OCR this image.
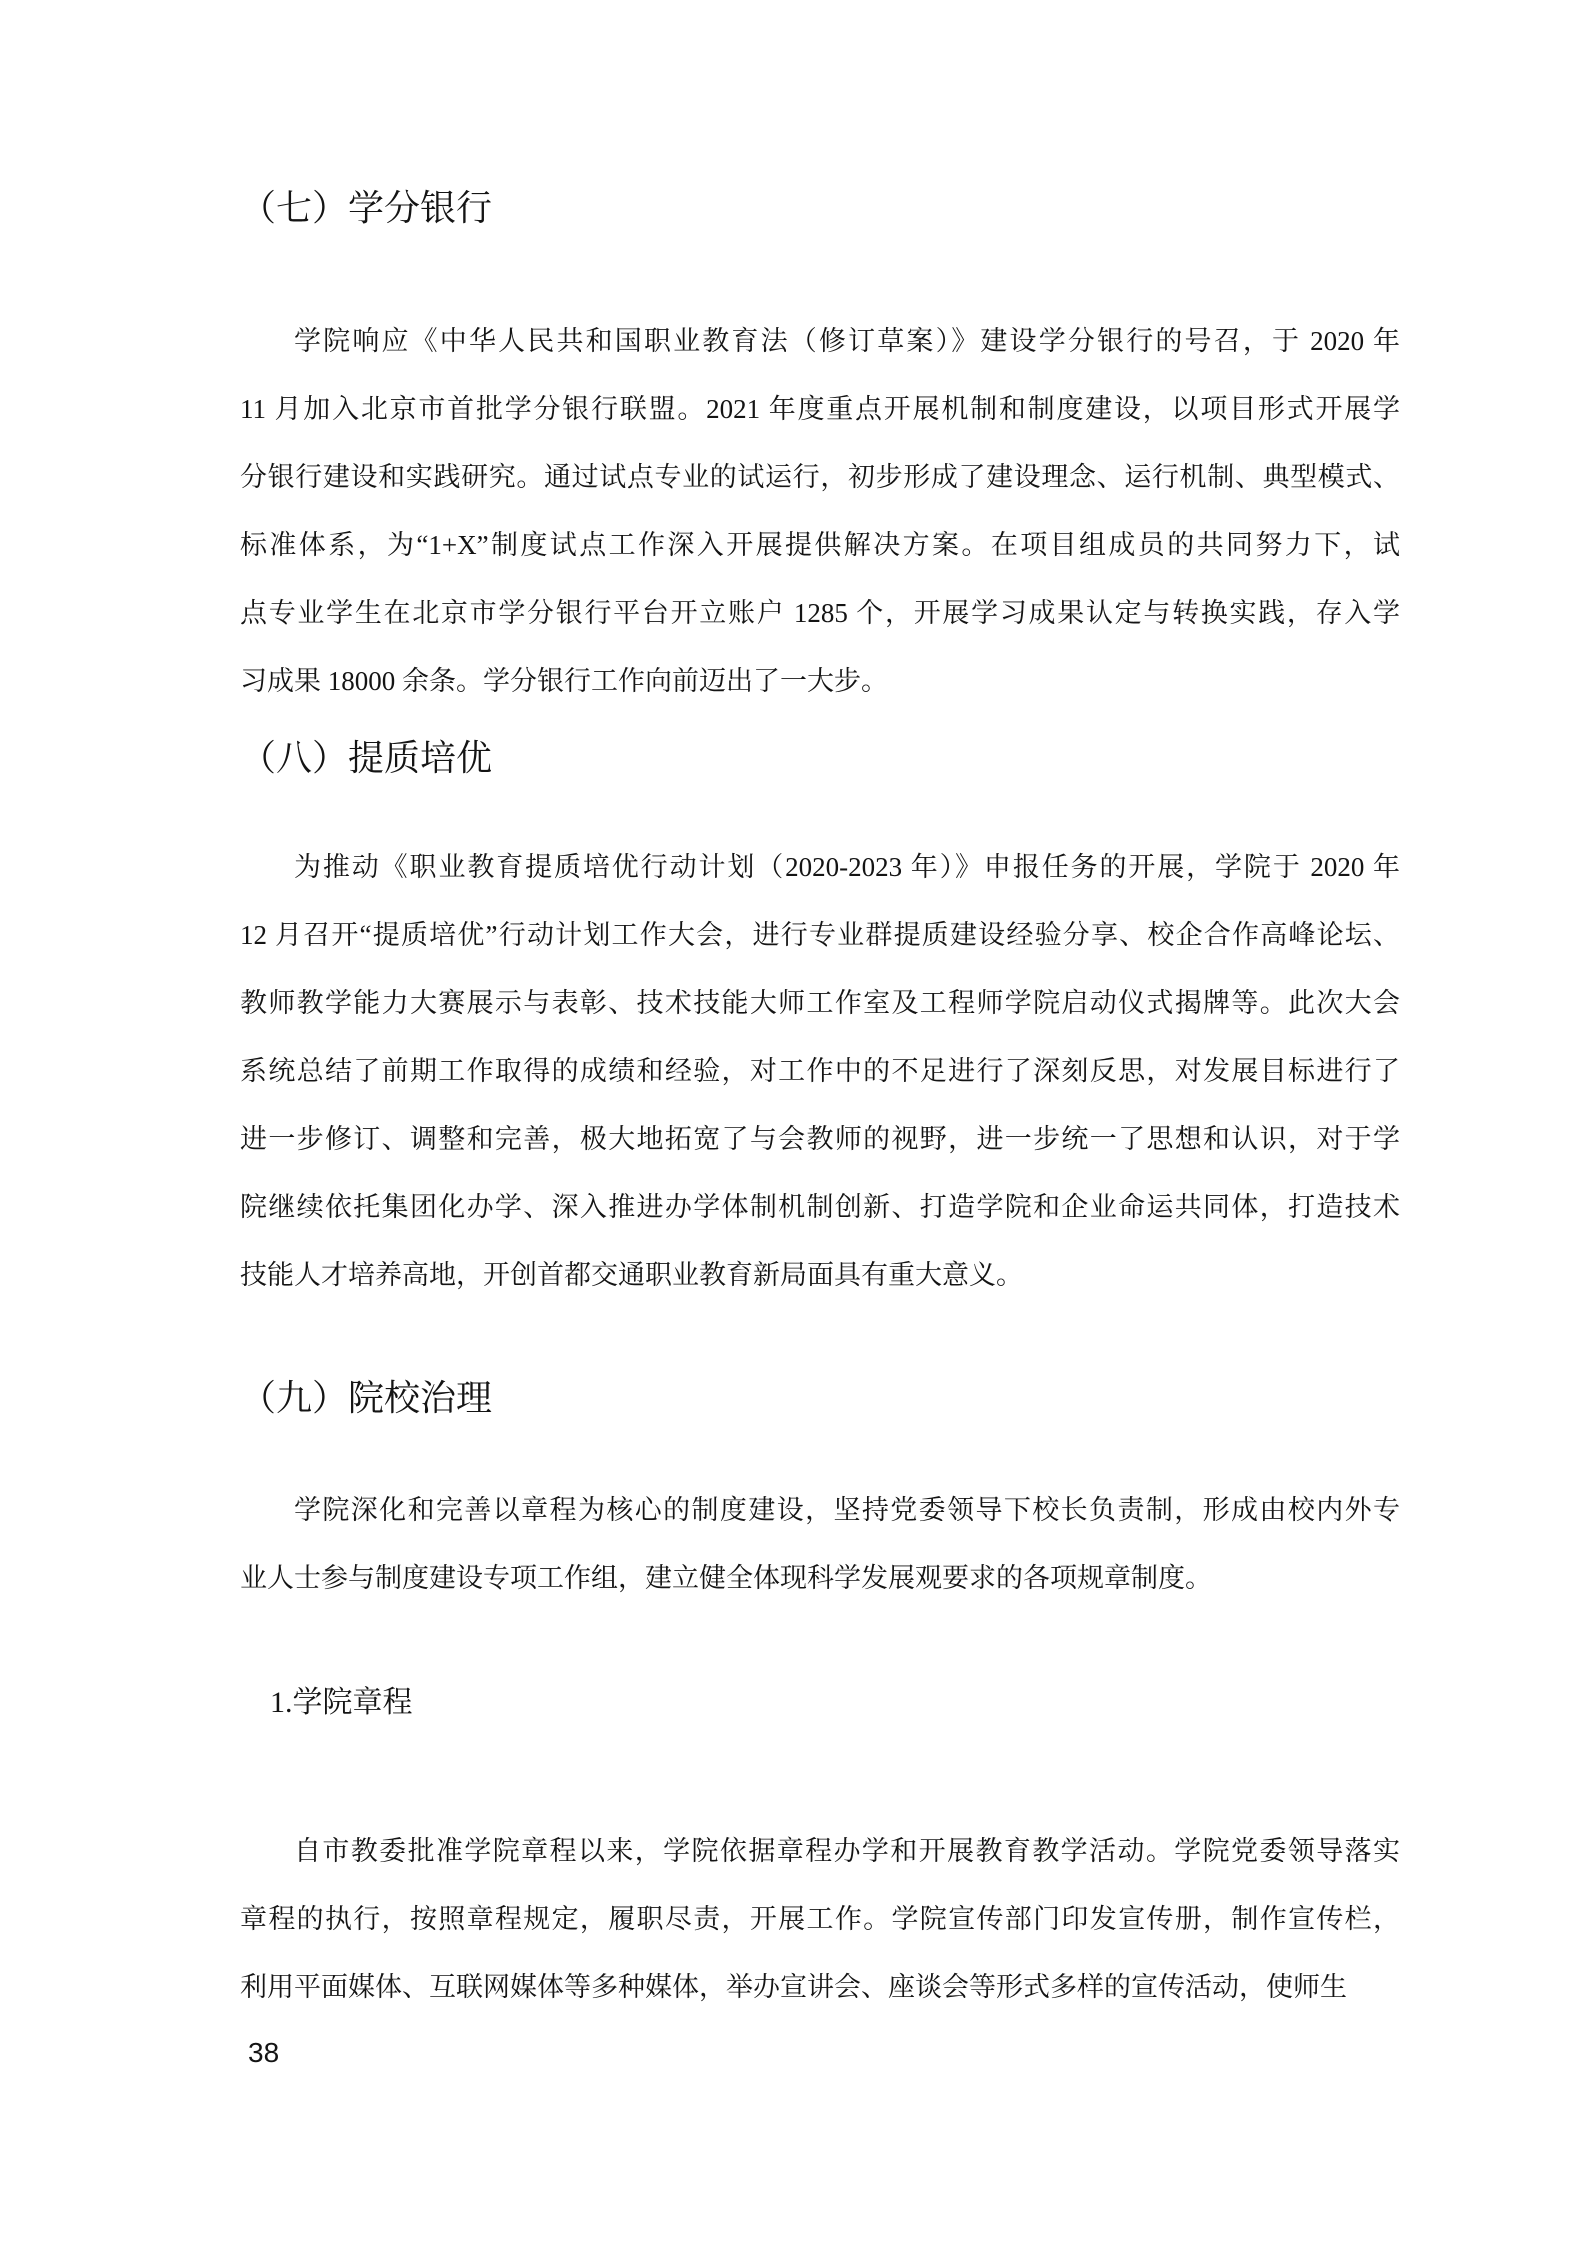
（七）学分银行
学院响应《中华人民共和国职业教育法（修订草案）》建设学分银行的号召，于 2020 年
11 月加入北京市首批学分银行联盟。2021 年度重点开展机制和制度建设，以项目形式开展学
分银行建设和实践研究。通过试点专业的试运行，初步形成了建设理念、运行机制、典型模式、
标准体系，为“1+X”制度试点工作深入开展提供解决方案。在项目组成员的共同努力下，试
点专业学生在北京市学分银行平台开立账户 1285 个，开展学习成果认定与转换实践，存入学
习成果 18000 余条。学分银行工作向前迈出了一大步。
（八）提质培优
为推动《职业教育提质培优行动计划（2020-2023 年）》申报任务的开展，学院于 2020 年
12 月召开“提质培优”行动计划工作大会，进行专业群提质建设经验分享、校企合作高峰论坛、
教师教学能力大赛展示与表彰、技术技能大师工作室及工程师学院启动仪式揭牌等。此次大会
系统总结了前期工作取得的成绩和经验，对工作中的不足进行了深刻反思，对发展目标进行了
进一步修订、调整和完善，极大地拓宽了与会教师的视野，进一步统一了思想和认识，对于学
院继续依托集团化办学、深入推进办学体制机制创新、打造学院和企业命运共同体，打造技术
技能人才培养高地，开创首都交通职业教育新局面具有重大意义。
（九）院校治理
学院深化和完善以章程为核心的制度建设，坚持党委领导下校长负责制，形成由校内外专
业人士参与制度建设专项工作组，建立健全体现科学发展观要求的各项规章制度。
1.学院章程
自市教委批准学院章程以来，学院依据章程办学和开展教育教学活动。学院党委领导落实
章程的执行，按照章程规定，履职尽责，开展工作。学院宣传部门印发宣传册，制作宣传栏，
利用平面媒体、互联网媒体等多种媒体，举办宣讲会、座谈会等形式多样的宣传活动，使师生
38
